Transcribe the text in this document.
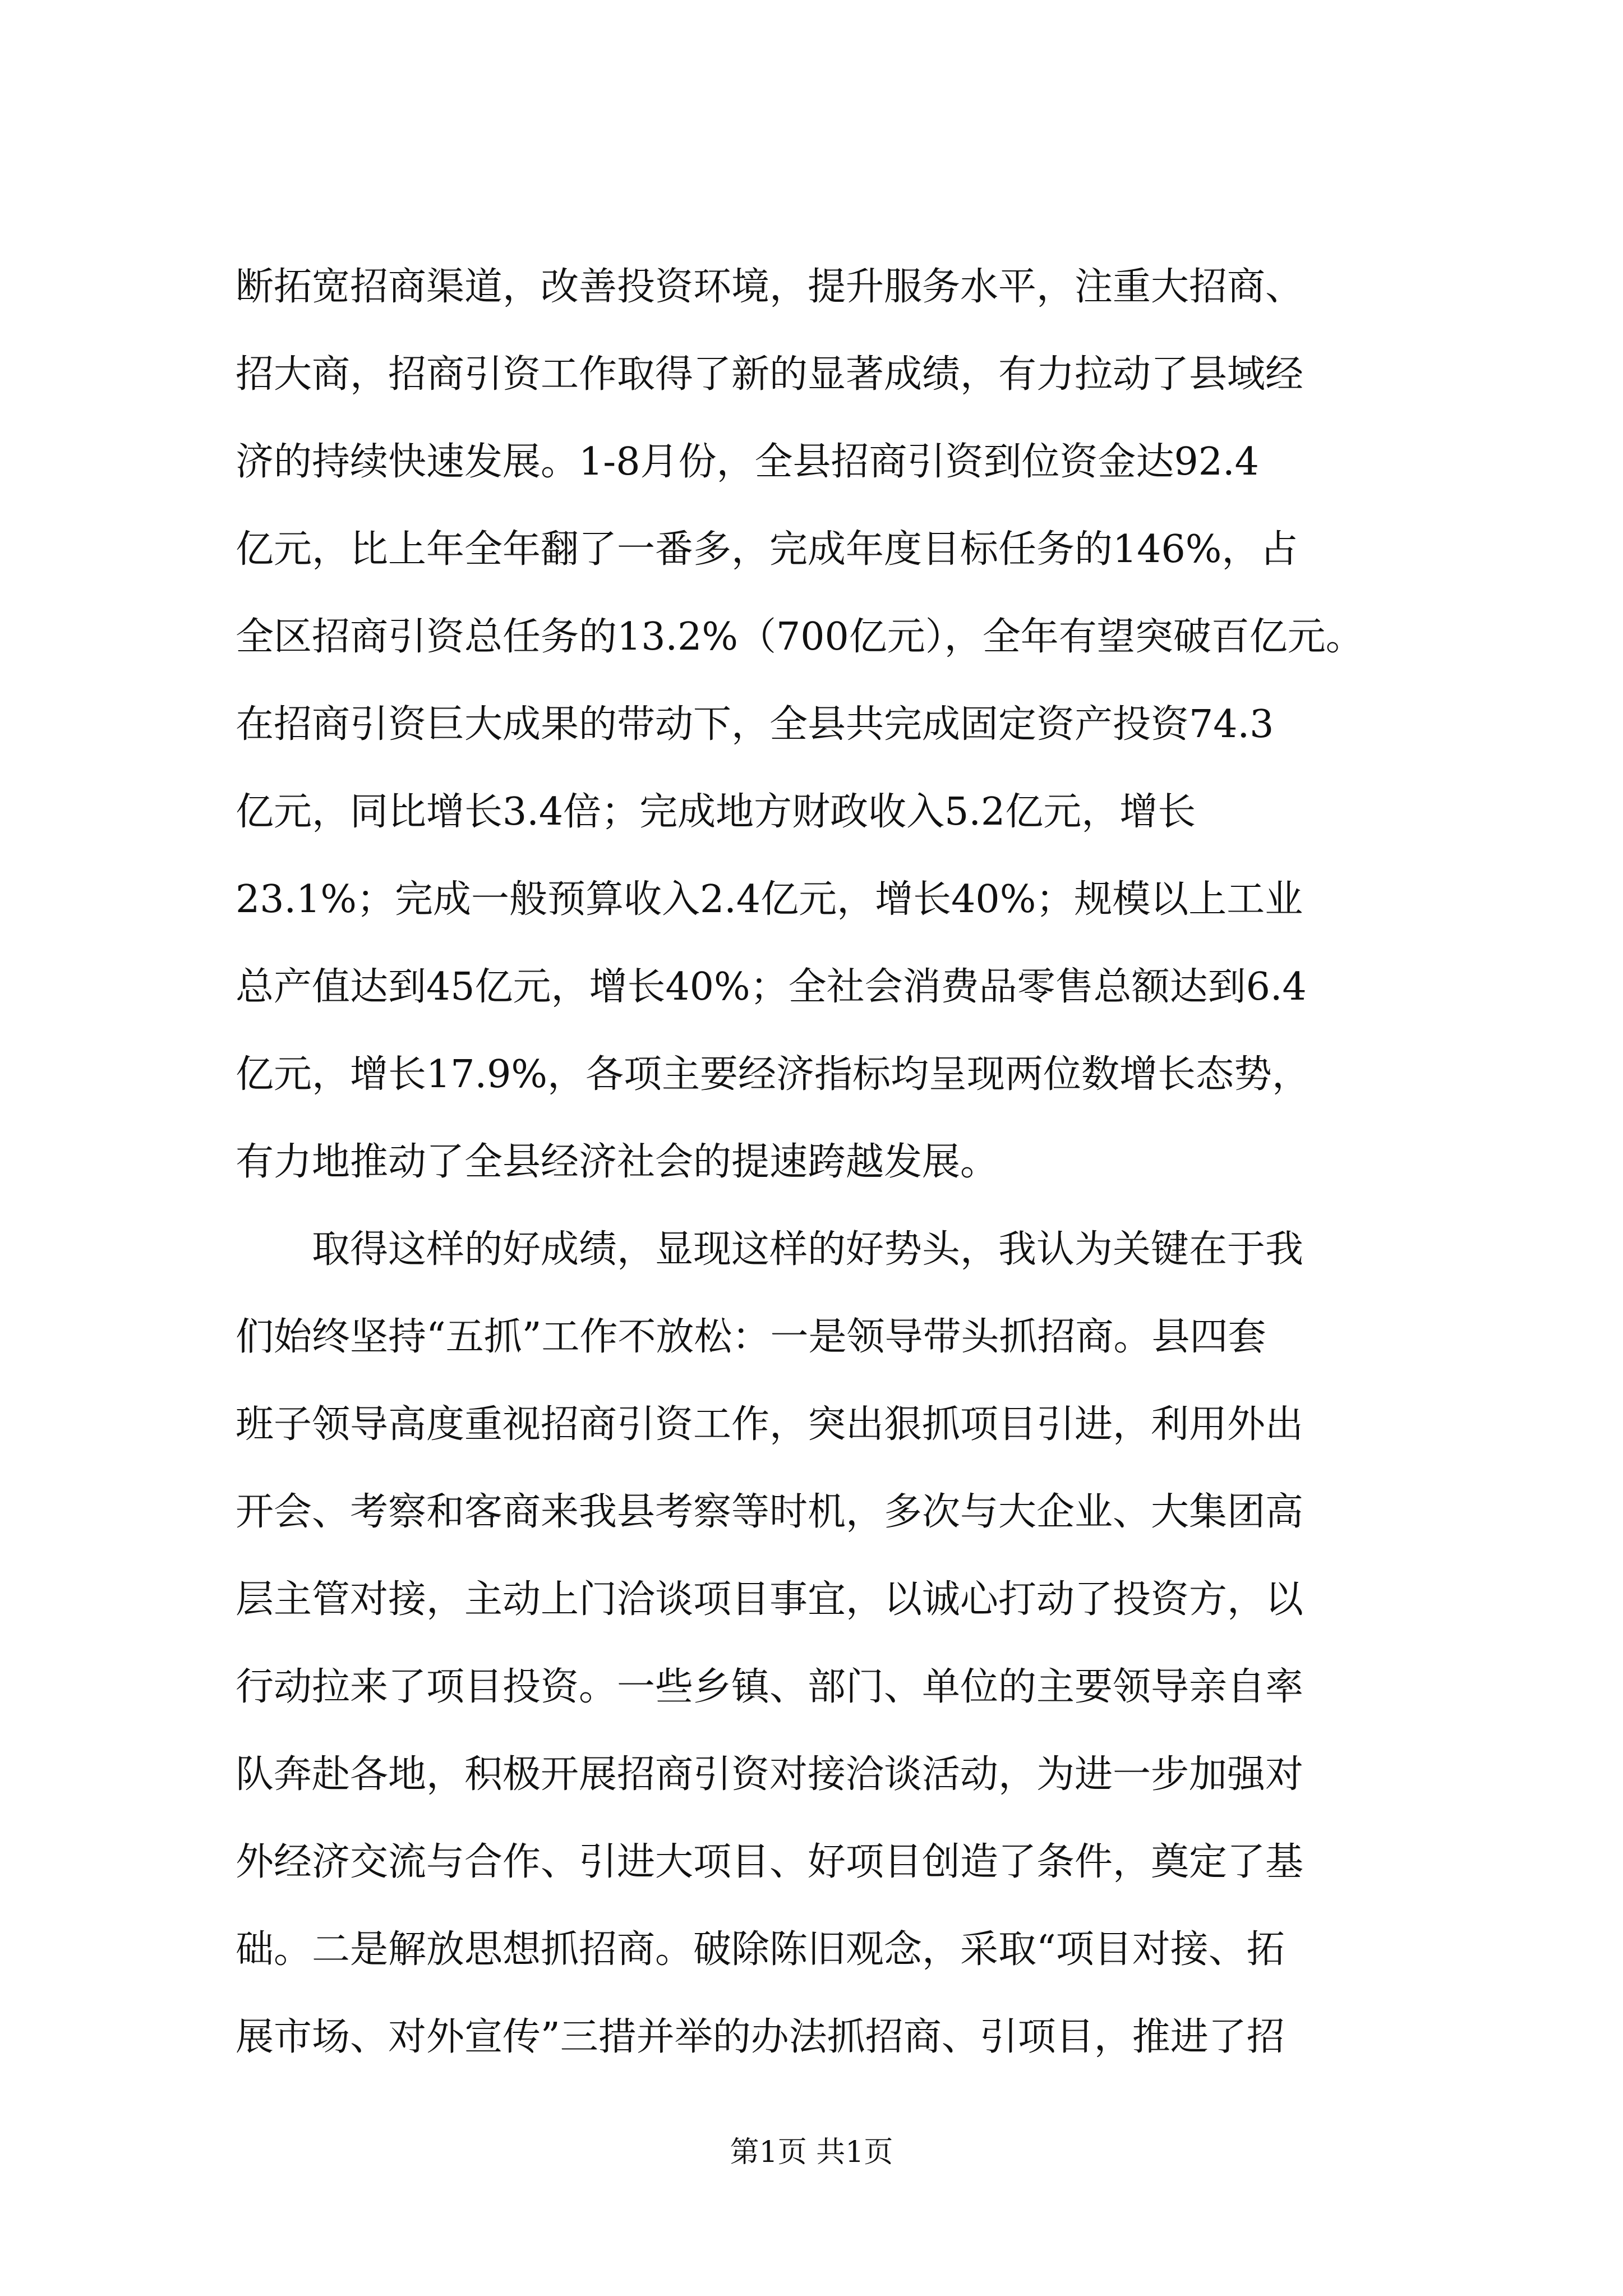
断拓宽招商渠道，改善投资环境，提升服务水平，注重大招商、
招大商，招商引资工作取得了新的显著成绩，有力拉动了县域经
济的持续快速发展。1-8月份，全县招商引资到位资金达92.4
亿元，比上年全年翻了一番多，完成年度目标任务的146%，占
全区招商引资总任务的13.2%（700亿元），全年有望突破百亿元。
在招商引资巨大成果的带动下，全县共完成固定资产投资74.3
亿元，同比增长3.4倍；完成地方财政收入5.2亿元，增长
23.1%；完成一般预算收入2.4亿元，增长40%；规模以上工业
总产值达到45亿元，增长40%；全社会消费品零售总额达到6.4
亿元，增长17.9%，各项主要经济指标均呈现两位数增长态势，
有力地推动了全县经济社会的提速跨越发展。
　　取得这样的好成绩，显现这样的好势头，我认为关键在于我
们始终坚持“五抓”工作不放松：一是领导带头抓招商。县四套
班子领导高度重视招商引资工作，突出狠抓项目引进，利用外出
开会、考察和客商来我县考察等时机，多次与大企业、大集团高
层主管对接，主动上门洽谈项目事宜，以诚心打动了投资方，以
行动拉来了项目投资。一些乡镇、部门、单位的主要领导亲自率
队奔赴各地，积极开展招商引资对接洽谈活动，为进一步加强对
外经济交流与合作、引进大项目、好项目创造了条件，奠定了基
础。二是解放思想抓招商。破除陈旧观念，采取“项目对接、拓
展市场、对外宣传”三措并举的办法抓招商、引项目，推进了招
第1页 共1页
